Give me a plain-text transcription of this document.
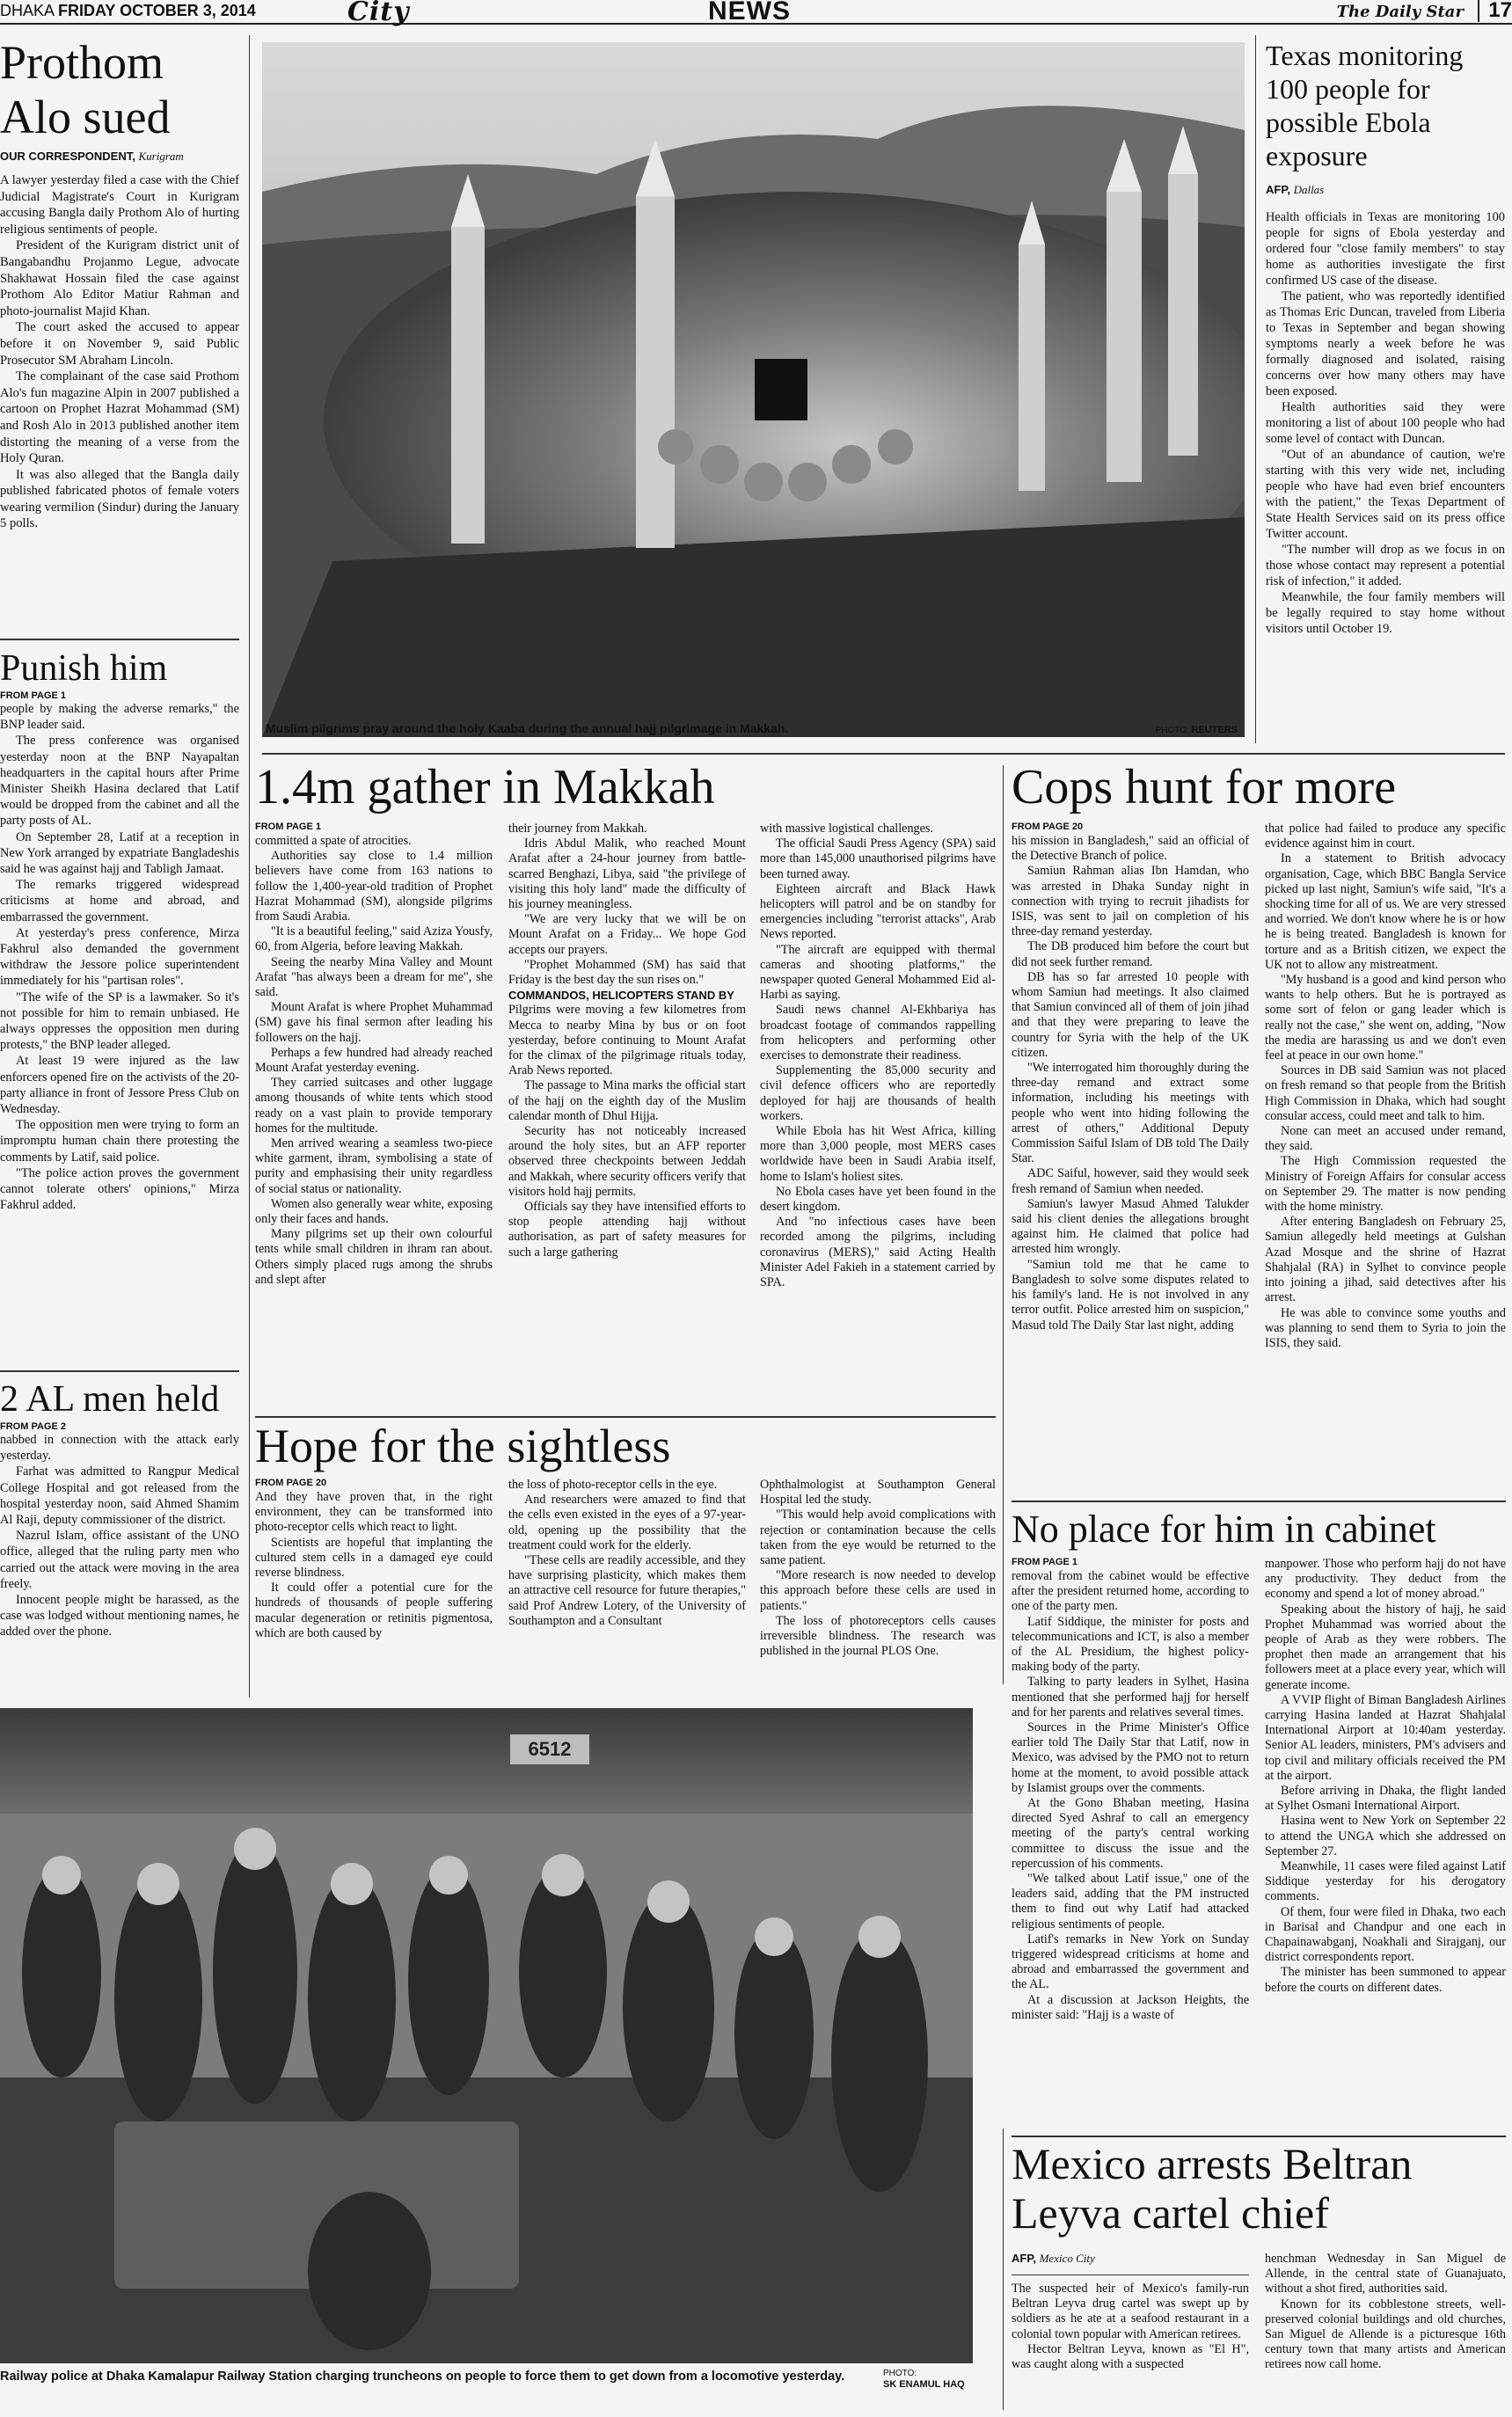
DHAKA FRIDAY OCTOBER 3, 2014	City	NEWS	The Daily Star 17
Prothom Alo sued
OUR CORRESPONDENT, Kurigram

A lawyer yesterday filed a case with the Chief Judicial Magistrate's Court in Kurigram accusing Bangla daily Prothom Alo of hurting religious sentiments of people.

President of the Kurigram district unit of Bangabandhu Projanmo Legue, advocate Shakhawat Hossain filed the case against Prothom Alo Editor Matiur Rahman and photo-journalist Majid Khan.

The court asked the accused to appear before it on November 9, said Public Prosecutor SM Abraham Lincoln.

The complainant of the case said Prothom Alo's fun magazine Alpin in 2007 published a cartoon on Prophet Hazrat Mohammad (SM) and Rosh Alo in 2013 published another item distorting the meaning of a verse from the Holy Quran.

It was also alleged that the Bangla daily published fabricated photos of female voters wearing vermilion (Sindur) during the January 5 polls.

Punish him
FROM PAGE 1

people by making the adverse remarks," the BNP leader said.

The press conference was organised yesterday noon at the BNP Nayapaltan headquarters in the capital hours after Prime Minister Sheikh Hasina declared that Latif would be dropped from the cabinet and all the party posts of AL.

On September 28, Latif at a reception in New York arranged by expatriate Bangladeshis said he was against hajj and Tabligh Jamaat.

The remarks triggered widespread criticisms at home and abroad, and embarrassed the government.

At yesterday's press conference, Mirza Fakhrul also demanded the government withdraw the Jessore police superintendent immediately for his "partisan roles".

"The wife of the SP is a lawmaker. So it's not possible for him to remain unbiased. He always oppresses the opposition men during protests," the BNP leader alleged.

At least 19 were injured as the law enforcers opened fire on the activists of the 20-party alliance in front of Jessore Press Club on Wednesday.

The opposition men were trying to form an impromptu human chain there protesting the comments by Latif, said police.

"The police action proves the government cannot tolerate others' opinions," Mirza Fakhrul added.

2 AL men held
FROM PAGE 2

nabbed in connection with the attack early yesterday.

Farhat was admitted to Rangpur Medical College Hospital and got released from the hospital yesterday noon, said Ahmed Shamim Al Raji, deputy commissioner of the district.

Nazrul Islam, office assistant of the UNO office, alleged that the ruling party men who carried out the attack were moving in the area freely.

Innocent people might be harassed, as the case was lodged without mentioning names, he added over the phone.

Muslim pilgrims pray around the holy Kaaba during the annual hajj pilgrimage in Makkah.	PHOTO: REUTERS
Texas monitoring 100 people for possible Ebola exposure
AFP, Dallas

Health officials in Texas are monitoring 100 people for signs of Ebola yesterday and ordered four "close family members" to stay home as authorities investigate the first confirmed US case of the disease.

The patient, who was reportedly identified as Thomas Eric Duncan, traveled from Liberia to Texas in September and began showing symptoms nearly a week before he was formally diagnosed and isolated, raising concerns over how many others may have been exposed.

Health authorities said they were monitoring a list of about 100 people who had some level of contact with Duncan.

"Out of an abundance of caution, we're starting with this very wide net, including people who have had even brief encounters with the patient," the Texas Department of State Health Services said on its press office Twitter account.

"The number will drop as we focus in on those whose contact may represent a potential risk of infection," it added.

Meanwhile, the four family members will be legally required to stay home without visitors until October 19.

1.4m gather in Makkah
FROM PAGE 1

committed a spate of atrocities.

Authorities say close to 1.4 million believers have come from 163 nations to follow the 1,400-year-old tradition of Prophet Hazrat Mohammad (SM), alongside pilgrims from Saudi Arabia.

"It is a beautiful feeling," said Aziza Yousfy, 60, from Algeria, before leaving Makkah.

Seeing the nearby Mina Valley and Mount Arafat "has always been a dream for me", she said.

Mount Arafat is where Prophet Muhammad (SM) gave his final sermon after leading his followers on the hajj.

Perhaps a few hundred had already reached Mount Arafat yesterday evening.

They carried suitcases and other luggage among thousands of white tents which stood ready on a vast plain to provide temporary homes for the multitude.

Men arrived wearing a seamless two-piece white garment, ihram, symbolising a state of purity and emphasising their unity regardless of social status or nationality.

Women also generally wear white, exposing only their faces and hands.

Many pilgrims set up their own colourful tents while small children in ihram ran about. Others simply placed rugs among the shrubs and slept after

their journey from Makkah.

Idris Abdul Malik, who reached Mount Arafat after a 24-hour journey from battle-scarred Benghazi, Libya, said "the privilege of visiting this holy land" made the difficulty of his journey meaningless.

"We are very lucky that we will be on Mount Arafat on a Friday... We hope God accepts our prayers.

"Prophet Mohammed (SM) has said that Friday is the best day the sun rises on."

COMMANDOS, HELICOPTERS STAND BY

Pilgrims were moving a few kilometres from Mecca to nearby Mina by bus or on foot yesterday, before continuing to Mount Arafat for the climax of the pilgrimage rituals today, Arab News reported.

The passage to Mina marks the official start of the hajj on the eighth day of the Muslim calendar month of Dhul Hijja.

Security has not noticeably increased around the holy sites, but an AFP reporter observed three checkpoints between Jeddah and Makkah, where security officers verify that visitors hold hajj permits.

Officials say they have intensified efforts to stop people attending hajj without authorisation, as part of safety measures for such a large gathering

with massive logistical challenges.

The official Saudi Press Agency (SPA) said more than 145,000 unauthorised pilgrims have been turned away.

Eighteen aircraft and Black Hawk helicopters will patrol and be on standby for emergencies including "terrorist attacks", Arab News reported.

"The aircraft are equipped with thermal cameras and shooting platforms," the newspaper quoted General Mohammed Eid al-Harbi as saying.

Saudi news channel Al-Ekhbariya has broadcast footage of commandos rappelling from helicopters and performing other exercises to demonstrate their readiness.

Supplementing the 85,000 security and civil defence officers who are reportedly deployed for hajj are thousands of health workers.

While Ebola has hit West Africa, killing more than 3,000 people, most MERS cases worldwide have been in Saudi Arabia itself, home to Islam's holiest sites.

No Ebola cases have yet been found in the desert kingdom.

And "no infectious cases have been recorded among the pilgrims, including coronavirus (MERS)," said Acting Health Minister Adel Fakieh in a statement carried by SPA.

Hope for the sightless
FROM PAGE 20

And they have proven that, in the right environment, they can be transformed into photo-receptor cells which react to light.

Scientists are hopeful that implanting the cultured stem cells in a damaged eye could reverse blindness.

It could offer a potential cure for the hundreds of thousands of people suffering macular degeneration or retinitis pigmentosa, which are both caused by

the loss of photo-receptor cells in the eye.

And researchers were amazed to find that the cells even existed in the eyes of a 97-year-old, opening up the possibility that the treatment could work for the elderly.

"These cells are readily accessible, and they have surprising plasticity, which makes them an attractive cell resource for future therapies," said Prof Andrew Lotery, of the University of Southampton and a Consultant

Ophthalmologist at Southampton General Hospital led the study.

"This would help avoid complications with rejection or contamination because the cells taken from the eye would be returned to the same patient.

"More research is now needed to develop this approach before these cells are used in patients."

The loss of photoreceptors cells causes irreversible blindness. The research was published in the journal PLOS One.

Cops hunt for more
FROM PAGE 20

his mission in Bangladesh," said an official of the Detective Branch of police.

Samiun Rahman alias Ibn Hamdan, who was arrested in Dhaka Sunday night in connection with trying to recruit jihadists for ISIS, was sent to jail on completion of his three-day remand yesterday.

The DB produced him before the court but did not seek further remand.

DB has so far arrested 10 people with whom Samiun had meetings. It also claimed that Samiun convinced all of them of join jihad and that they were preparing to leave the country for Syria with the help of the UK citizen.

"We interrogated him thoroughly during the three-day remand and extract some information, including his meetings with people who went into hiding following the arrest of others," Additional Deputy Commission Saiful Islam of DB told The Daily Star.

ADC Saiful, however, said they would seek fresh remand of Samiun when needed.

Samiun's lawyer Masud Ahmed Talukder said his client denies the allegations brought against him. He claimed that police had arrested him wrongly.

"Samiun told me that he came to Bangladesh to solve some disputes related to his family's land. He is not involved in any terror outfit. Police arrested him on suspicion," Masud told The Daily Star last night, adding

that police had failed to produce any specific evidence against him in court.

In a statement to British advocacy organisation, Cage, which BBC Bangla Service picked up last night, Samiun's wife said, "It's a shocking time for all of us. We are very stressed and worried. We don't know where he is or how he is being treated. Bangladesh is known for torture and as a British citizen, we expect the UK not to allow any mistreatment.

"My husband is a good and kind person who wants to help others. But he is portrayed as some sort of felon or gang leader which is really not the case," she went on, adding, "Now the media are harassing us and we don't even feel at peace in our own home."

Sources in DB said Samiun was not placed on fresh remand so that people from the British High Commission in Dhaka, which had sought consular access, could meet and talk to him.

None can meet an accused under remand, they said.

The High Commission requested the Ministry of Foreign Affairs for consular access on September 29. The matter is now pending with the home ministry.

After entering Bangladesh on February 25, Samiun allegedly held meetings at Gulshan Azad Mosque and the shrine of Hazrat Shahjalal (RA) in Sylhet to convince people into joining a jihad, said detectives after his arrest.

He was able to convince some youths and was planning to send them to Syria to join the ISIS, they said.

No place for him in cabinet
FROM PAGE 1

removal from the cabinet would be effective after the president returned home, according to one of the party men.

Latif Siddique, the minister for posts and telecommunications and ICT, is also a member of the AL Presidium, the highest policy-making body of the party.

Talking to party leaders in Sylhet, Hasina mentioned that she performed hajj for herself and for her parents and relatives several times.

Sources in the Prime Minister's Office earlier told The Daily Star that Latif, now in Mexico, was advised by the PMO not to return home at the moment, to avoid possible attack by Islamist groups over the comments.

At the Gono Bhaban meeting, Hasina directed Syed Ashraf to call an emergency meeting of the party's central working committee to discuss the issue and the repercussion of his comments.

"We talked about Latif issue," one of the leaders said, adding that the PM instructed them to find out why Latif had attacked religious sentiments of people.

Latif's remarks in New York on Sunday triggered widespread criticisms at home and abroad and embarrassed the government and the AL.

At a discussion at Jackson Heights, the minister said: "Hajj is a waste of

manpower. Those who perform hajj do not have any productivity. They deduct from the economy and spend a lot of money abroad."

Speaking about the history of hajj, he said Prophet Muhammad was worried about the people of Arab as they were robbers. The prophet then made an arrangement that his followers meet at a place every year, which will generate income.

A VVIP flight of Biman Bangladesh Airlines carrying Hasina landed at Hazrat Shahjalal International Airport at 10:40am yesterday. Senior AL leaders, ministers, PM's advisers and top civil and military officials received the PM at the airport.

Before arriving in Dhaka, the flight landed at Sylhet Osmani International Airport.

Hasina went to New York on September 22 to attend the UNGA which she addressed on September 27.

Meanwhile, 11 cases were filed against Latif Siddique yesterday for his derogatory comments.

Of them, four were filed in Dhaka, two each in Barisal and Chandpur and one each in Chapainawabganj, Noakhali and Sirajganj, our district correspondents report.

The minister has been summoned to appear before the courts on different dates.

6512
Railway police at Dhaka Kamalapur Railway Station charging truncheons on people to force them to get down from a locomotive yesterday.	PHOTO:
SK ENAMUL HAQ
Mexico arrests Beltran Leyva cartel chief
AFP, Mexico City

The suspected heir of Mexico's family-run Beltran Leyva drug cartel was swept up by soldiers as he ate at a seafood restaurant in a colonial town popular with American retirees.

Hector Beltran Leyva, known as "El H", was caught along with a suspected

henchman Wednesday in San Miguel de Allende, in the central state of Guanajuato, without a shot fired, authorities said.

Known for its cobblestone streets, well-preserved colonial buildings and old churches, San Miguel de Allende is a picturesque 16th century town that many artists and American retirees now call home.
